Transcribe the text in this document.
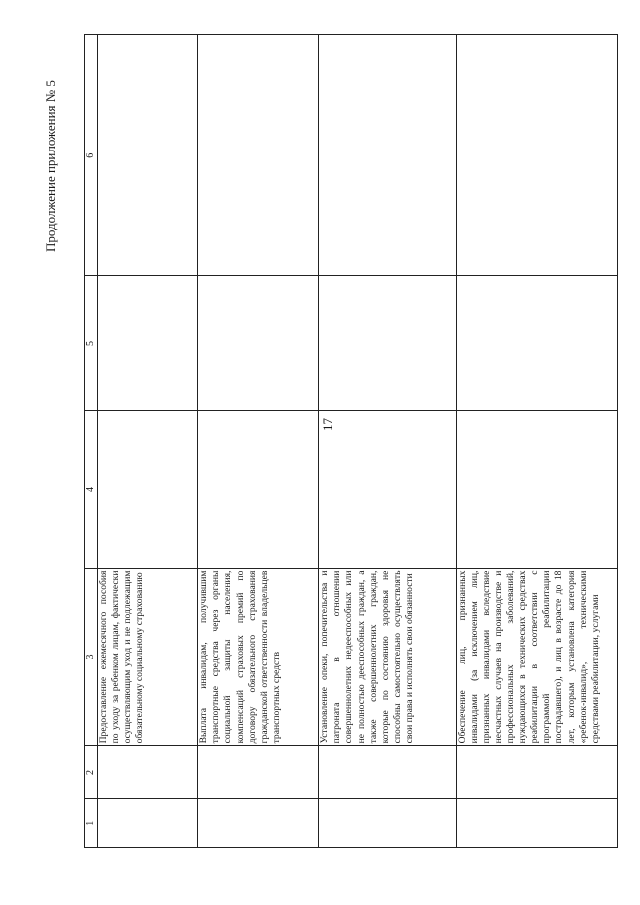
Продолжение приложения № 5
17
1	2	3	4	5	6
		Предоставление ежемесячного пособия по уходу за ребенком лицам, фактически осуществляющим уход и не подлежащим обязательному социальному страхованию			
		Выплата инвалидам, получившим транспортные средства через органы социальной защиты населения, компенсаций страховых премий по договору обязательного страхования гражданской ответственности владельцев транспортных средств			
		Установление опеки, попечительства и патроната в отношении совершеннолетних недееспособных или не полностью дееспособных граждан, а также совершеннолетних граждан, которые по состоянию здоровья не способны самостоятельно осуществлять свои права и исполнять свои обязанности			
		Обеспечение лиц, признанных инвалидами (за исключением лиц, признанных инвалидами вследствие несчастных случаев на производстве и профессиональных заболеваний, нуждающихся в технических средствах реабилитации в соответствии с программой реабилитации пострадавшего), и лиц в возрасте до 18 лет, которым установлена категория «ребенок-инвалид», техническими средствами реабилитации, услугами			
